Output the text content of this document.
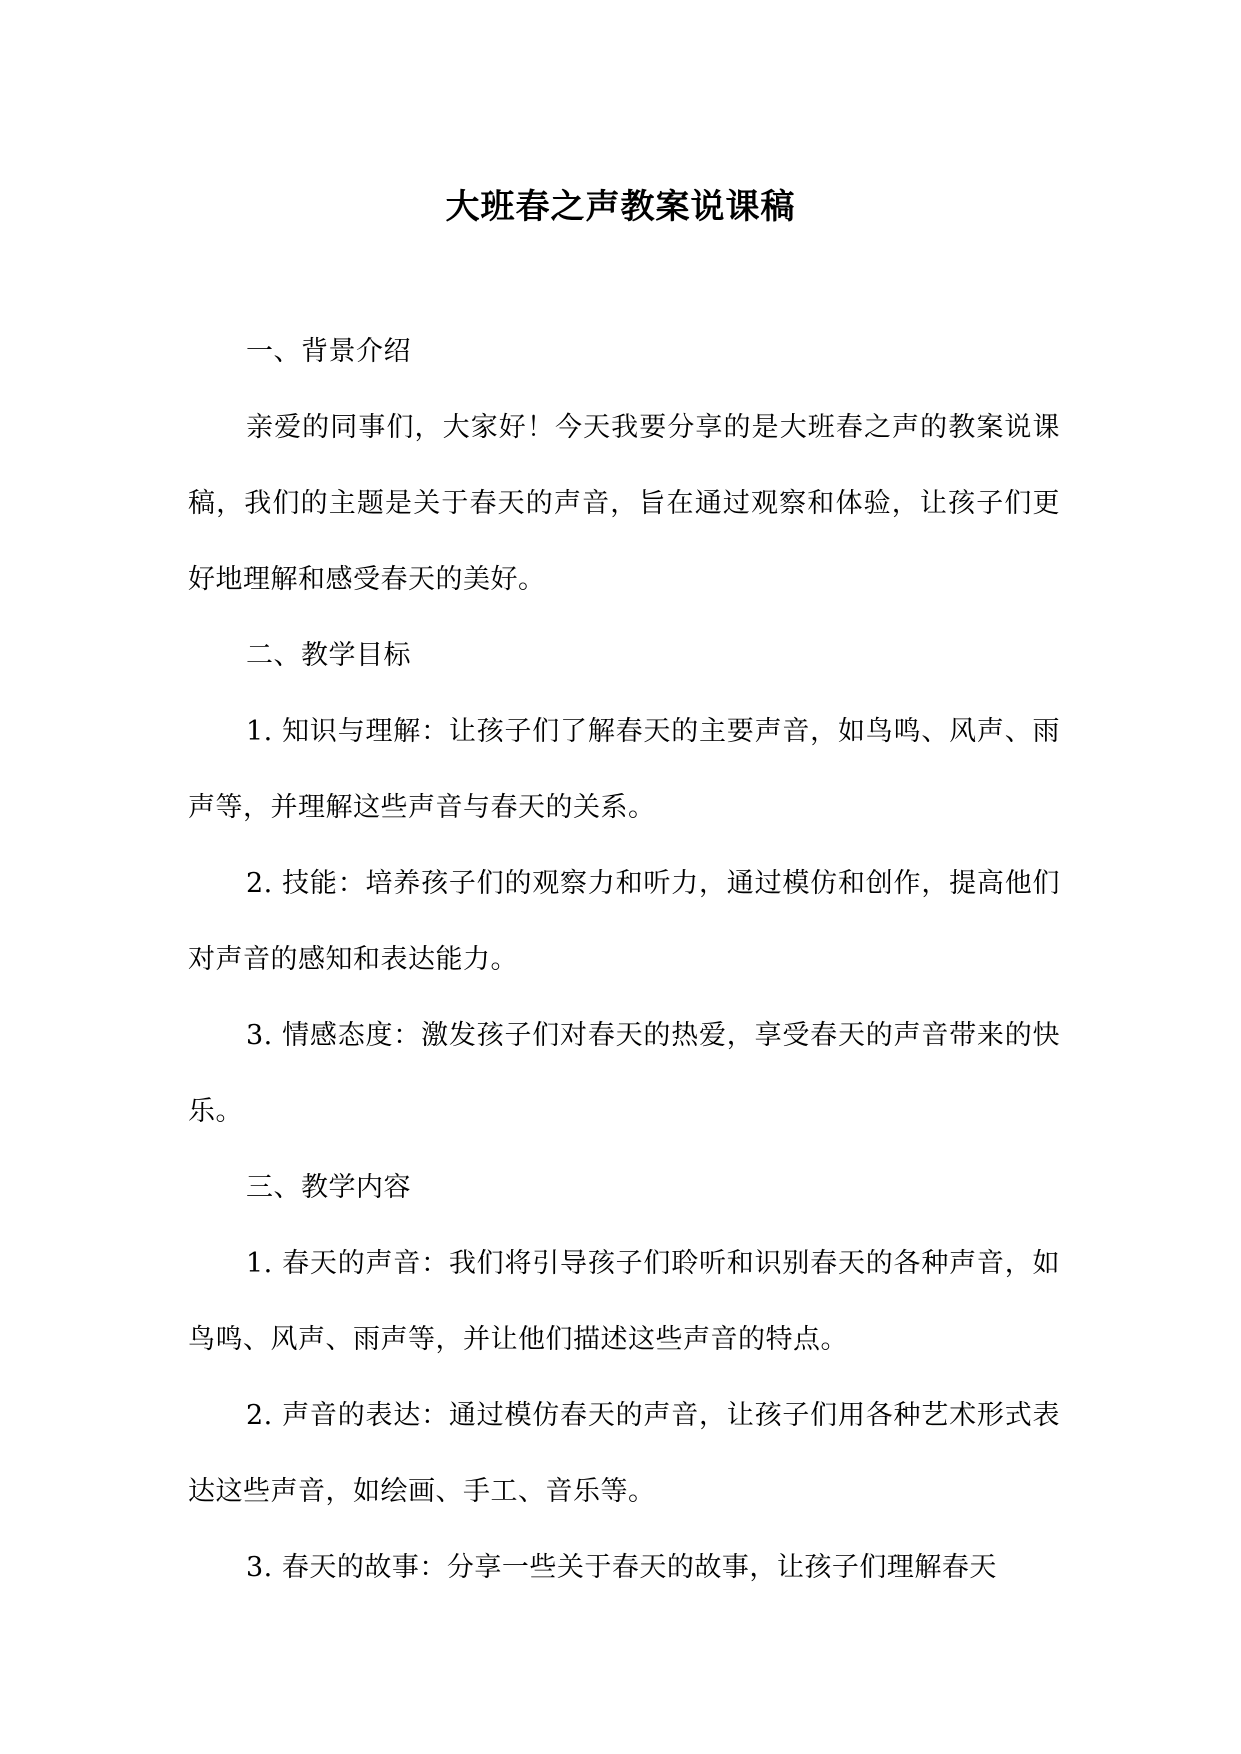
大班春之声教案说课稿

一、背景介绍

亲爱的同事们，大家好！今天我要分享的是大班春之声的教案说课稿，我们的主题是关于春天的声音，旨在通过观察和体验，让孩子们更好地理解和感受春天的美好。

二、教学目标

1. 知识与理解：让孩子们了解春天的主要声音，如鸟鸣、风声、雨声等，并理解这些声音与春天的关系。

2. 技能：培养孩子们的观察力和听力，通过模仿和创作，提高他们对声音的感知和表达能力。

3. 情感态度：激发孩子们对春天的热爱，享受春天的声音带来的快乐。

三、教学内容

1. 春天的声音：我们将引导孩子们聆听和识别春天的各种声音，如鸟鸣、风声、雨声等，并让他们描述这些声音的特点。

2. 声音的表达：通过模仿春天的声音，让孩子们用各种艺术形式表达这些声音，如绘画、手工、音乐等。

3. 春天的故事：分享一些关于春天的故事，让孩子们理解春天
